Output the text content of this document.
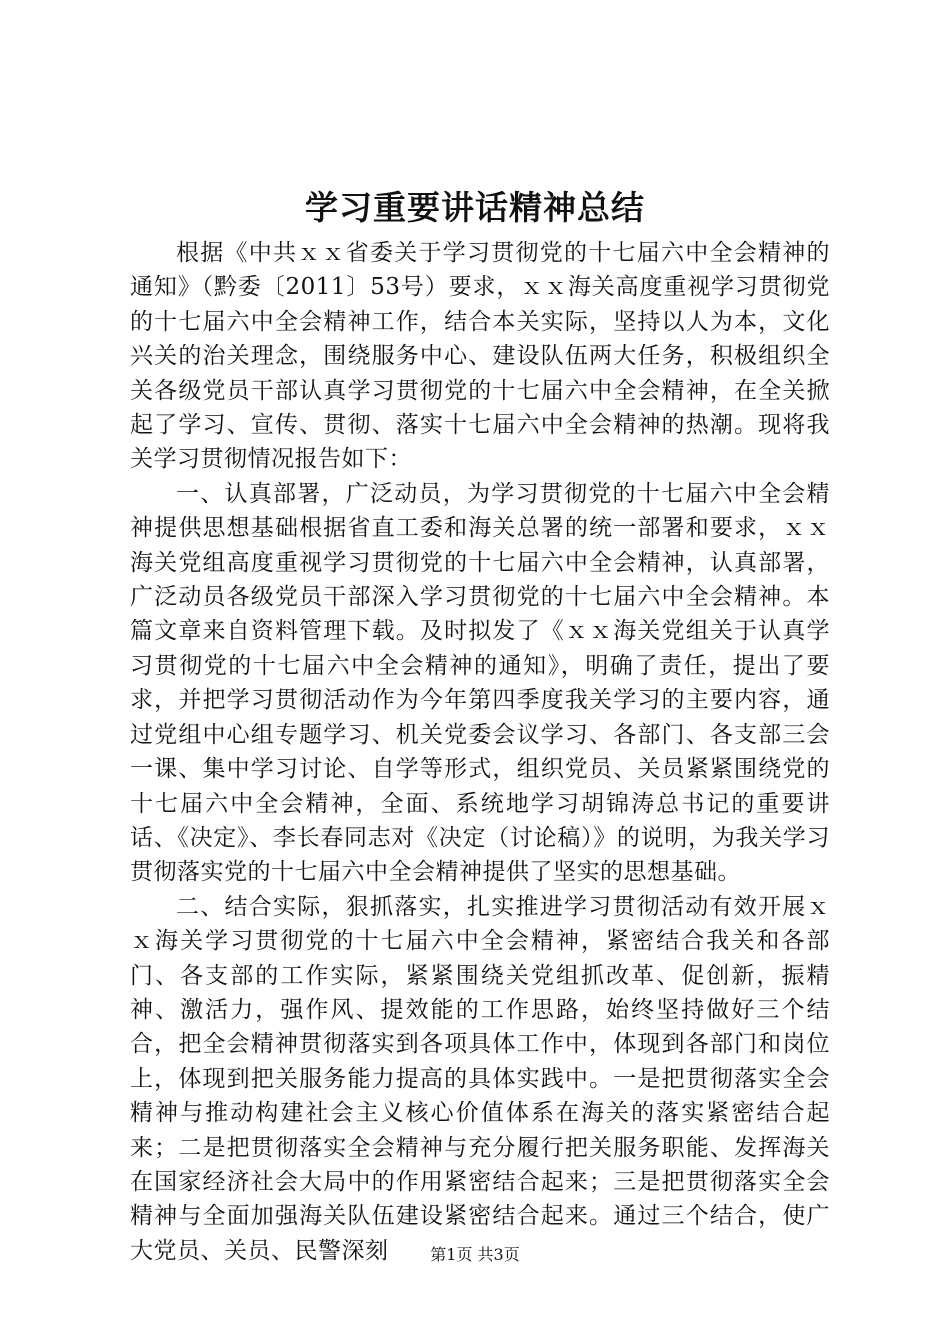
学习重要讲话精神总结

根据《中共ｘｘ省委关于学习贯彻党的十七届六中全会精神的通知》（黔委〔2011〕53号）要求，ｘｘ海关高度重视学习贯彻党的十七届六中全会精神工作，结合本关实际，坚持以人为本，文化兴关的治关理念，围绕服务中心、建设队伍两大任务，积极组织全关各级党员干部认真学习贯彻党的十七届六中全会精神，在全关掀起了学习、宣传、贯彻、落实十七届六中全会精神的热潮。现将我关学习贯彻情况报告如下：

一、认真部署，广泛动员，为学习贯彻党的十七届六中全会精神提供思想基础根据省直工委和海关总署的统一部署和要求，ｘｘ海关党组高度重视学习贯彻党的十七届六中全会精神，认真部署，广泛动员各级党员干部深入学习贯彻党的十七届六中全会精神。本篇文章来自资料管理下载。及时拟发了《ｘｘ海关党组关于认真学习贯彻党的十七届六中全会精神的通知》，明确了责任，提出了要求，并把学习贯彻活动作为今年第四季度我关学习的主要内容，通过党组中心组专题学习、机关党委会议学习、各部门、各支部三会一课、集中学习讨论、自学等形式，组织党员、关员紧紧围绕党的十七届六中全会精神，全面、系统地学习胡锦涛总书记的重要讲话、《决定》、李长春同志对《决定（讨论稿）》的说明，为我关学习贯彻落实党的十七届六中全会精神提供了坚实的思想基础。

二、结合实际，狠抓落实，扎实推进学习贯彻活动有效开展ｘｘ海关学习贯彻党的十七届六中全会精神，紧密结合我关和各部门、各支部的工作实际，紧紧围绕关党组抓改革、促创新，振精神、激活力，强作风、提效能的工作思路，始终坚持做好三个结合，把全会精神贯彻落实到各项具体工作中，体现到各部门和岗位上，体现到把关服务能力提高的具体实践中。一是把贯彻落实全会精神与推动构建社会主义核心价值体系在海关的落实紧密结合起来；二是把贯彻落实全会精神与充分履行把关服务职能、发挥海关在国家经济社会大局中的作用紧密结合起来；三是把贯彻落实全会精神与全面加强海关队伍建设紧密结合起来。通过三个结合，使广大党员、关员、民警深刻	第1页 共3页
